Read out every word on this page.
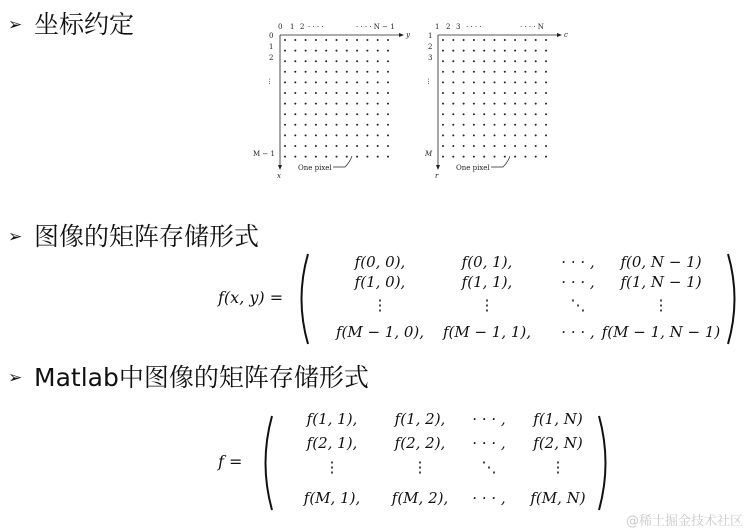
➢ 坐标约定
➢ 图像的矩阵存储形式
➢ Matlab中图像的矩阵存储形式
0 1 2 · · · ·	· · · · N − 1
y
0
1
2
···
M − 1
x
One pixel
1 2 3 · · · ·	· · · · N
c
1
2
3
···
M
r
One pixel
f(x, y) =
f(0, 0),	f(0, 1),	· · · , f(0, N − 1)
f(1, 0),	f(1, 1),	· · · , f(1, N − 1)
⋮	⋮	⋱	⋮
f(M − 1, 0), f(M − 1, 1), · · · , f(M − 1, N − 1)
f =
f(1, 1), f(1, 2), · · · , f(1, N)
f(2, 1), f(2, 2), · · · , f(2, N)
⋮	⋮	⋱	⋮
f(M, 1), f(M, 2), · · · , f(M, N)
@稀土掘金技术社区
